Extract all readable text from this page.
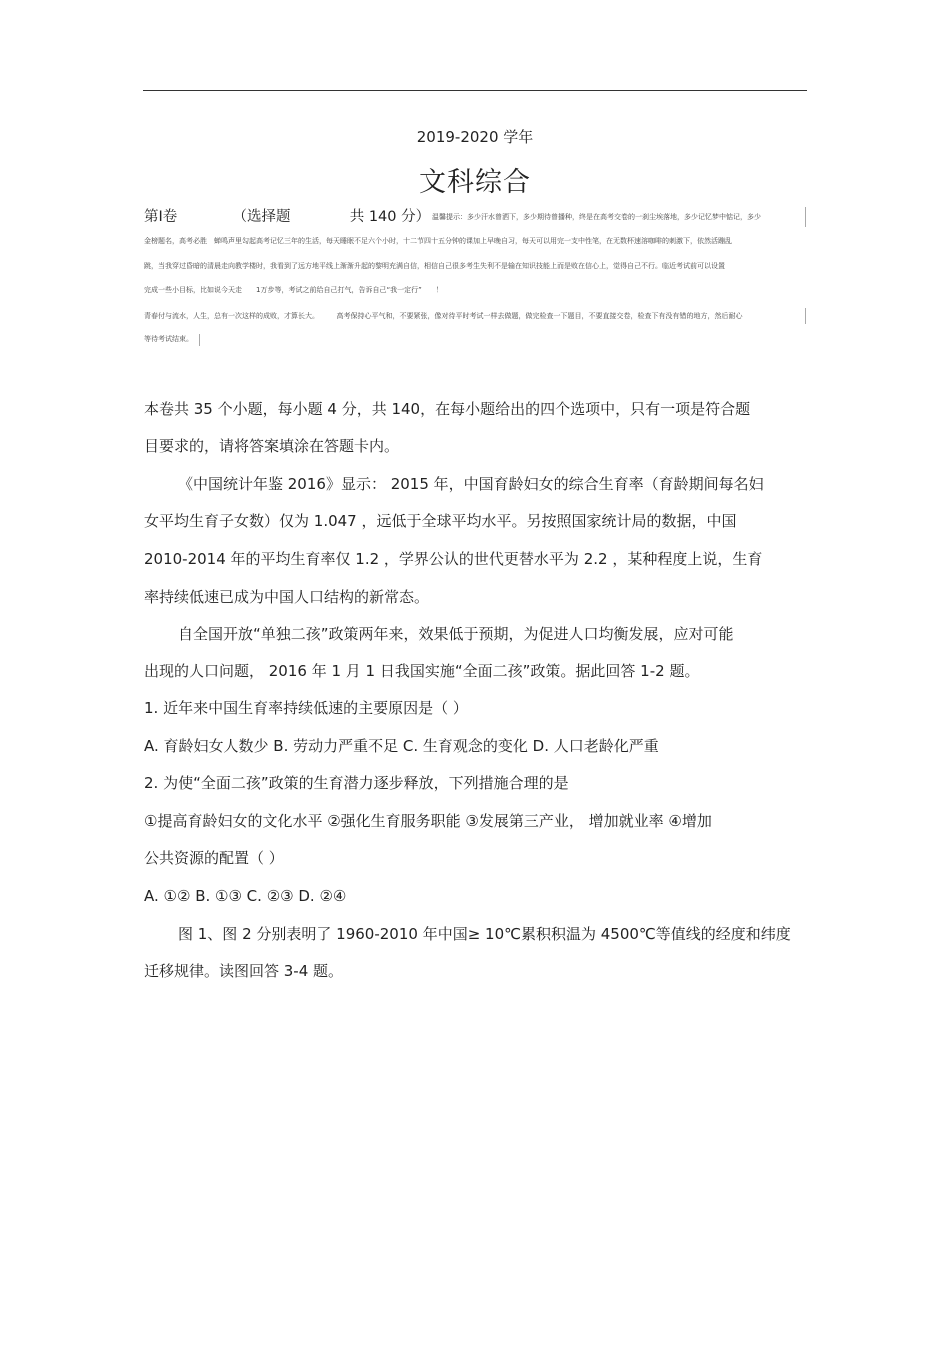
2019-2020 学年
文科综合
第Ⅰ卷	（选择题	共 140 分） 温馨提示：多少汗水曾洒下，多少期待曾播种，终是在高考交卷的一刹尘埃落地，多少记忆梦中惦记，多少
金榜题名，高考必胜　蝉鸣声里勾起高考记忆三年的生活，每天睡眠不足六个小时，十二节四十五分钟的课加上早晚自习，每天可以用完一支中性笔，在无数杯速溶咖啡的刺激下，依然活蹦乱
跳，当我穿过昏暗的清晨走向教学楼时，我看到了远方地平线上渐渐升起的黎明充满自信，相信自己很多考生失利不是输在知识技能上而是败在信心上，觉得自己不行。临近考试前可以设置
完成一些小目标，比如说今天走　　1万步等，考试之前给自己打气，告诉自己“我一定行”　　！
青春付与流水，人生，总有一次这样的成败，才算长大。　　　高考保持心平气和，不要紧张，像对待平时考试一样去做题，做完检查一下题目，不要直接交卷，检查下有没有错的地方，然后耐心
等待考试结束。
本卷共 35 个小题，每小题 4 分，共 140，在每小题给出的四个选项中，只有一项是符合题
目要求的，请将答案填涂在答题卡内。
《中国统计年鉴 2016》显示： 2015 年，中国育龄妇女的综合生育率（育龄期间每名妇
女平均生育子女数）仅为 1.047 ，远低于全球平均水平。另按照国家统计局的数据，中国
2010-2014 年的平均生育率仅 1.2 ，学界公认的世代更替水平为 2.2 ，某种程度上说，生育
率持续低速已成为中国人口结构的新常态。
自全国开放“单独二孩”政策两年来，效果低于预期，为促进人口均衡发展，应对可能
出现的人口问题， 2016 年 1 月 1 日我国实施“全面二孩”政策。据此回答 1-2 题。
1. 近年来中国生育率持续低速的主要原因是（ ）
A. 育龄妇女人数少 B. 劳动力严重不足 C. 生育观念的变化 D. 人口老龄化严重
2. 为使“全面二孩”政策的生育潜力逐步释放，下列措施合理的是
①提高育龄妇女的文化水平 ②强化生育服务职能 ③发展第三产业， 增加就业率 ④增加
公共资源的配置（ ）
A. ①② B. ①③ C. ②③ D. ②④
图 1、图 2 分别表明了 1960-2010 年中国≥ 10℃累积积温为 4500℃等值线的经度和纬度
迁移规律。读图回答 3-4 题。
